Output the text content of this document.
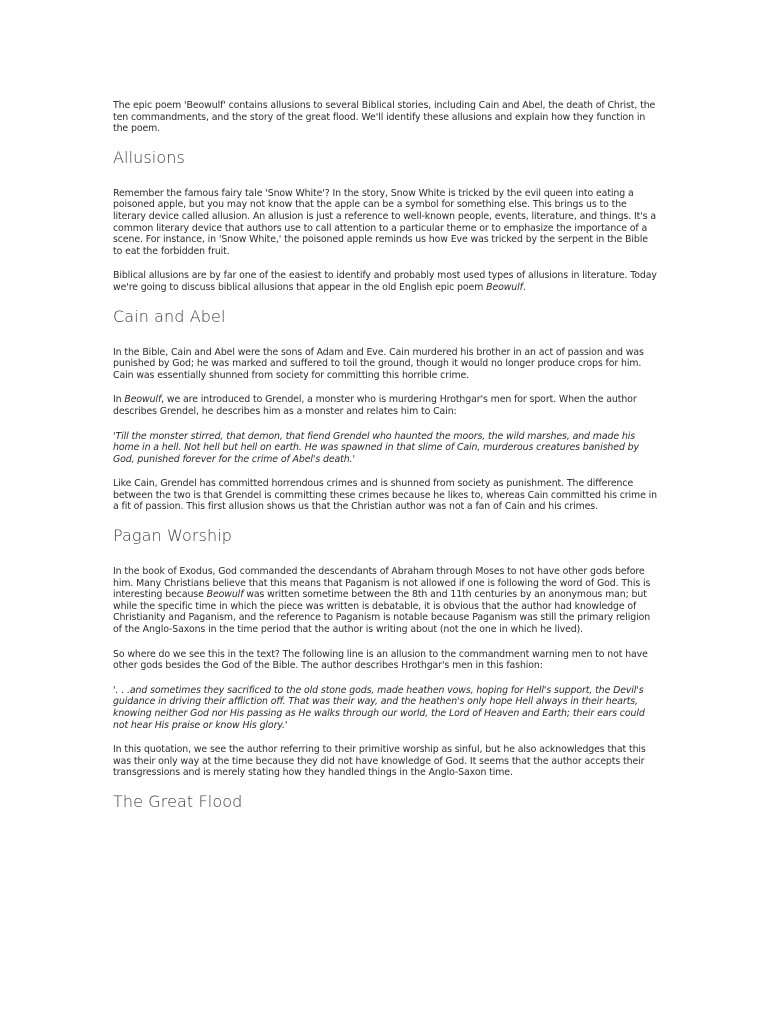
The epic poem 'Beowulf' contains allusions to several Biblical stories, including Cain and Abel, the death of Christ, the ten commandments, and the story of the great flood. We'll identify these allusions and explain how they function in the poem.

Allusions

Remember the famous fairy tale 'Snow White'? In the story, Snow White is tricked by the evil queen into eating a poisoned apple, but you may not know that the apple can be a symbol for something else. This brings us to the literary device called allusion. An allusion is just a reference to well-known people, events, literature, and things. It's a common literary device that authors use to call attention to a particular theme or to emphasize the importance of a scene. For instance, in 'Snow White,' the poisoned apple reminds us how Eve was tricked by the serpent in the Bible to eat the forbidden fruit.

Biblical allusions are by far one of the easiest to identify and probably most used types of allusions in literature. Today we're going to discuss biblical allusions that appear in the old English epic poem Beowulf.

Cain and Abel

In the Bible, Cain and Abel were the sons of Adam and Eve. Cain murdered his brother in an act of passion and was punished by God; he was marked and suffered to toil the ground, though it would no longer produce crops for him. Cain was essentially shunned from society for committing this horrible crime.

In Beowulf, we are introduced to Grendel, a monster who is murdering Hrothgar's men for sport. When the author describes Grendel, he describes him as a monster and relates him to Cain:

'Till the monster stirred, that demon, that fiend Grendel who haunted the moors, the wild marshes, and made his home in a hell. Not hell but hell on earth. He was spawned in that slime of Cain, murderous creatures banished by God, punished forever for the crime of Abel's death.'

Like Cain, Grendel has committed horrendous crimes and is shunned from society as punishment. The difference between the two is that Grendel is committing these crimes because he likes to, whereas Cain committed his crime in a fit of passion. This first allusion shows us that the Christian author was not a fan of Cain and his crimes.

Pagan Worship

In the book of Exodus, God commanded the descendants of Abraham through Moses to not have other gods before him. Many Christians believe that this means that Paganism is not allowed if one is following the word of God. This is interesting because Beowulf was written sometime between the 8th and 11th centuries by an anonymous man; but while the specific time in which the piece was written is debatable, it is obvious that the author had knowledge of Christianity and Paganism, and the reference to Paganism is notable because Paganism was still the primary religion of the Anglo-Saxons in the time period that the author is writing about (not the one in which he lived).

So where do we see this in the text? The following line is an allusion to the commandment warning men to not have other gods besides the God of the Bible. The author describes Hrothgar's men in this fashion:

'. . .and sometimes they sacrificed to the old stone gods, made heathen vows, hoping for Hell's support, the Devil's guidance in driving their affliction off. That was their way, and the heathen's only hope Hell always in their hearts, knowing neither God nor His passing as He walks through our world, the Lord of Heaven and Earth; their ears could not hear His praise or know His glory.'

In this quotation, we see the author referring to their primitive worship as sinful, but he also acknowledges that this was their only way at the time because they did not have knowledge of God. It seems that the author accepts their transgressions and is merely stating how they handled things in the Anglo-Saxon time.

The Great Flood
